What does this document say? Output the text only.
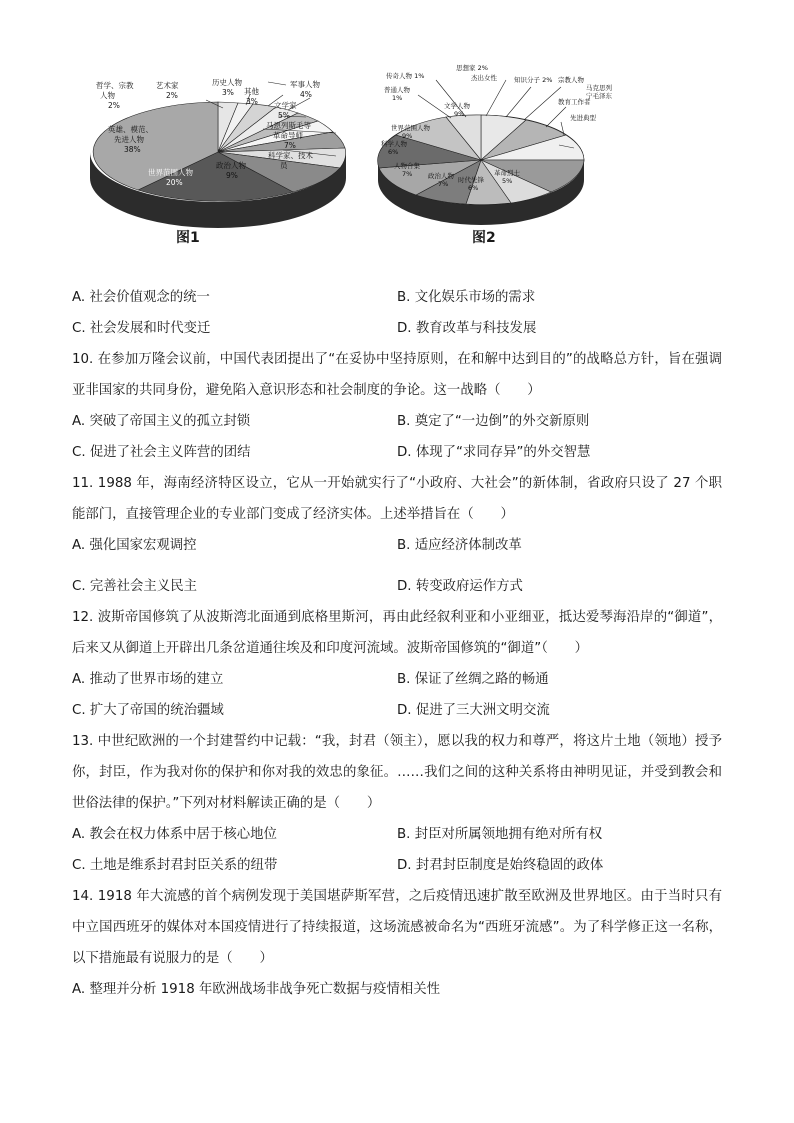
哲学、宗教
人物
2%
艺术家
2%
历史人物
3% 其他
3%
军事人物
4%
文学家
5%
马恩列斯毛等
革命导师
7%
科学家、技术
员
政治人物
9%
英雄、模范、
先进人物
38%
世界范围人物
20%
图1
思想家 2%
杰出女性
传奇人物 1%	知识分子 2% 宗教人物
普通人物
1%
马克思列
宁毛泽东
文学人物
9%
教育工作者
先进典型
时代先锋
6%
革命烈士
5%
政治人物
7%
人物合集
7%
科学人物
6%
世界范围人物
9%
图2
A. 社会价值观念的统一	B. 文化娱乐市场的需求
C. 社会发展和时代变迁	D. 教育改革与科技发展
10. 在参加万隆会议前，中国代表团提出了“在妥协中坚持原则，在和解中达到目的”的战略总方针，旨在强调亚非国家的共同身份，避免陷入意识形态和社会制度的争论。这一战略（　　）
A. 突破了帝国主义的孤立封锁	B. 奠定了“一边倒”的外交新原则
C. 促进了社会主义阵营的团结	D. 体现了“求同存异”的外交智慧
11. 1988 年，海南经济特区设立，它从一开始就实行了“小政府、大社会”的新体制，省政府只设了 27 个职能部门，直接管理企业的专业部门变成了经济实体。上述举措旨在（　　）
A. 强化国家宏观调控	B. 适应经济体制改革
C. 完善社会主义民主	D. 转变政府运作方式
12. 波斯帝国修筑了从波斯湾北面通到底格里斯河，再由此经叙利亚和小亚细亚，抵达爱琴海沿岸的“御道”，后来又从御道上开辟出几条岔道通往埃及和印度河流域。波斯帝国修筑的“御道”（　　）
A. 推动了世界市场的建立	B. 保证了丝绸之路的畅通
C. 扩大了帝国的统治疆域	D. 促进了三大洲文明交流
13. 中世纪欧洲的一个封建誓约中记载：“我，封君（领主），愿以我的权力和尊严，将这片土地（领地）授予你，封臣，作为我对你的保护和你对我的效忠的象征。……我们之间的这种关系将由神明见证，并受到教会和世俗法律的保护。”下列对材料解读正确的是（　　）
A. 教会在权力体系中居于核心地位	B. 封臣对所属领地拥有绝对所有权
C. 土地是维系封君封臣关系的纽带	D. 封君封臣制度是始终稳固的政体
14. 1918 年大流感的首个病例发现于美国堪萨斯军营，之后疫情迅速扩散至欧洲及世界地区。由于当时只有中立国西班牙的媒体对本国疫情进行了持续报道，这场流感被命名为“西班牙流感”。为了科学修正这一名称，以下措施最有说服力的是（　　）
A. 整理并分析 1918 年欧洲战场非战争死亡数据与疫情相关性
